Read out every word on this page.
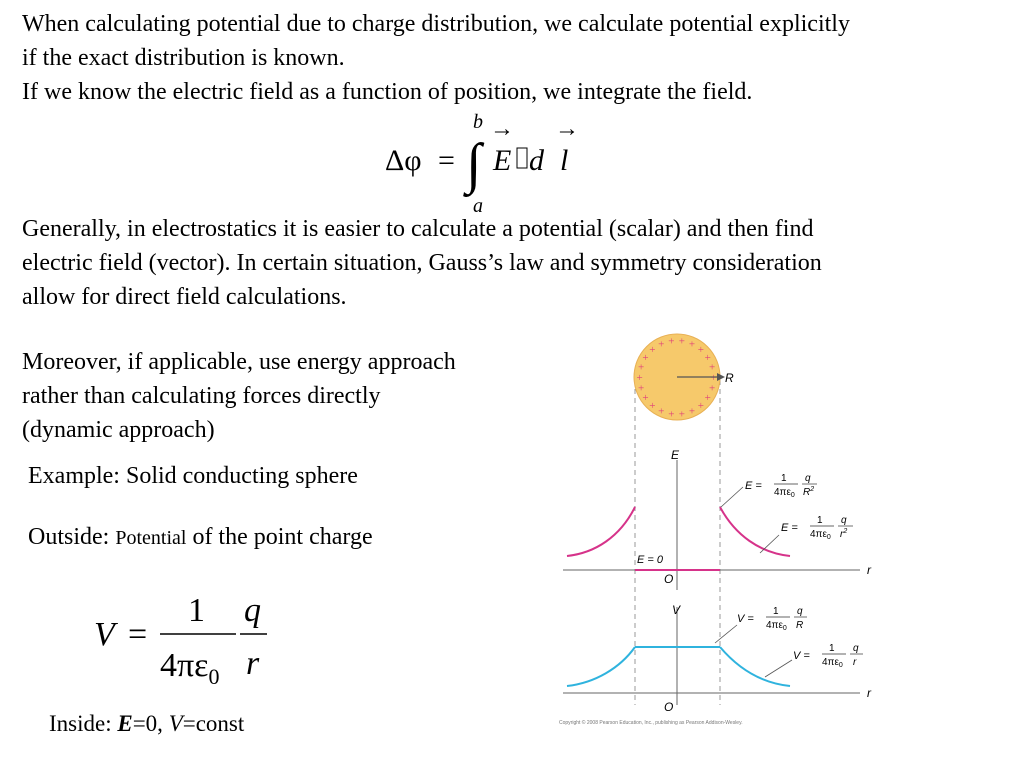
When calculating potential due to charge distribution, we calculate potential explicitly
if the exact distribution is known.
If we know the electric field as a function of position, we integrate the field.
Δφ = ∫
b
a
→
E d
→
l
Generally, in electrostatics it is easier to calculate a potential (scalar) and then find
electric field (vector). In certain situation, Gauss’s law and symmetry consideration
allow for direct field calculations.
Moreover, if applicable, use energy approach
rather than calculating forces directly
(dynamic approach)
Example: Solid conducting sphere
Outside: Potential of the point charge
V =
1
$4\pi\varepsilon_0$
q
r
Inside: E=0, V=const
+
+
+
+
+
+
+
+
+
+
+
+
+
+
+ + + + + +
+
+
R
E
r
O
E = 0
E =
1
$4\pi\varepsilon_0$
q
$R^2$
E =
1
$4\pi\varepsilon_0$
q
$r^2$
V
r
O
V =
1
$4\pi\varepsilon_0$
q
R
V =
1
$4\pi\varepsilon_0$
q
r
Copyright © 2008 Pearson Education, Inc., publishing as Pearson Addison-Wesley.
